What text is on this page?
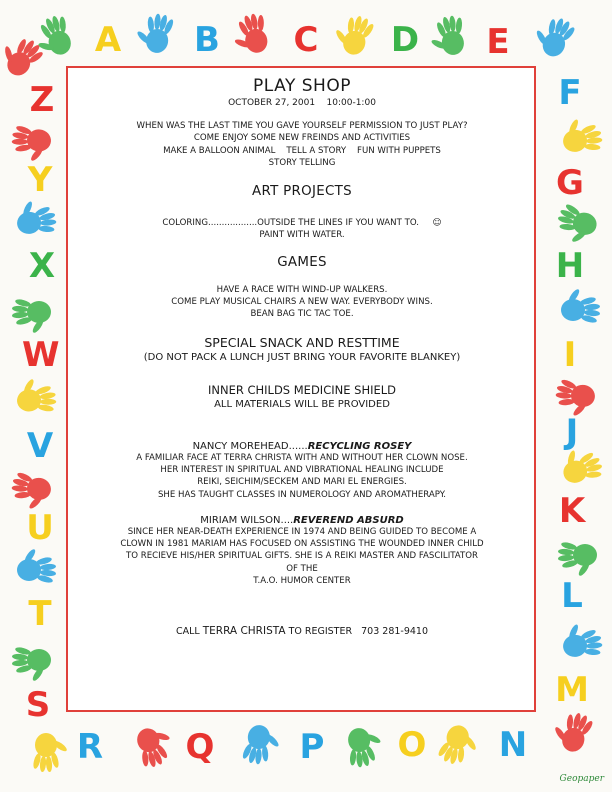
A B C D E
F
G
H
I
J
K
L
M
N
O
P
Q
R
S
T
U
V
W
X
Y
Z	PLAY SHOP
OCTOBER 27, 2001    10:00-1:00
WHEN WAS THE LAST TIME YOU GAVE YOURSELF PERMISSION TO JUST PLAY?
COME ENJOY SOME NEW FREINDS AND ACTIVITIES
MAKE A BALLOON ANIMAL    TELL A STORY    FUN WITH PUPPETS
STORY TELLING
ART PROJECTS
COLORING..................OUTSIDE THE LINES IF YOU WANT TO.     ☺
PAINT WITH WATER.
GAMES
HAVE A RACE WITH WIND-UP WALKERS.
COME PLAY MUSICAL CHAIRS A NEW WAY. EVERYBODY WINS.
BEAN BAG TIC TAC TOE.
SPECIAL SNACK AND RESTTIME
(DO NOT PACK A LUNCH JUST BRING YOUR FAVORITE BLANKEY)
INNER CHILDS MEDICINE SHIELD
ALL MATERIALS WILL BE PROVIDED
NANCY MOREHEAD......RECYCLING ROSEY
A FAMILIAR FACE AT TERRA CHRISTA WITH AND WITHOUT HER CLOWN NOSE.
HER INTEREST IN SPIRITUAL AND VIBRATIONAL HEALING INCLUDE
REIKI, SEICHIM/SECKEM AND MARI EL ENERGIES.
SHE HAS TAUGHT CLASSES IN NUMEROLOGY AND AROMATHERAPY.
MIRIAM WILSON....REVEREND ABSURD
SINCE HER NEAR-DEATH EXPERIENCE IN 1974 AND BEING GUIDED TO BECOME A
CLOWN IN 1981 MARIAM HAS FOCUSED ON ASSISTING THE WOUNDED INNER CHILD
TO RECIEVE HIS/HER SPIRITUAL GIFTS. SHE IS A REIKI MASTER AND FASCILITATOR
OF THE
T.A.O. HUMOR CENTER
CALL TERRA CHRISTA TO REGISTER   703 281-9410
Geopaper
